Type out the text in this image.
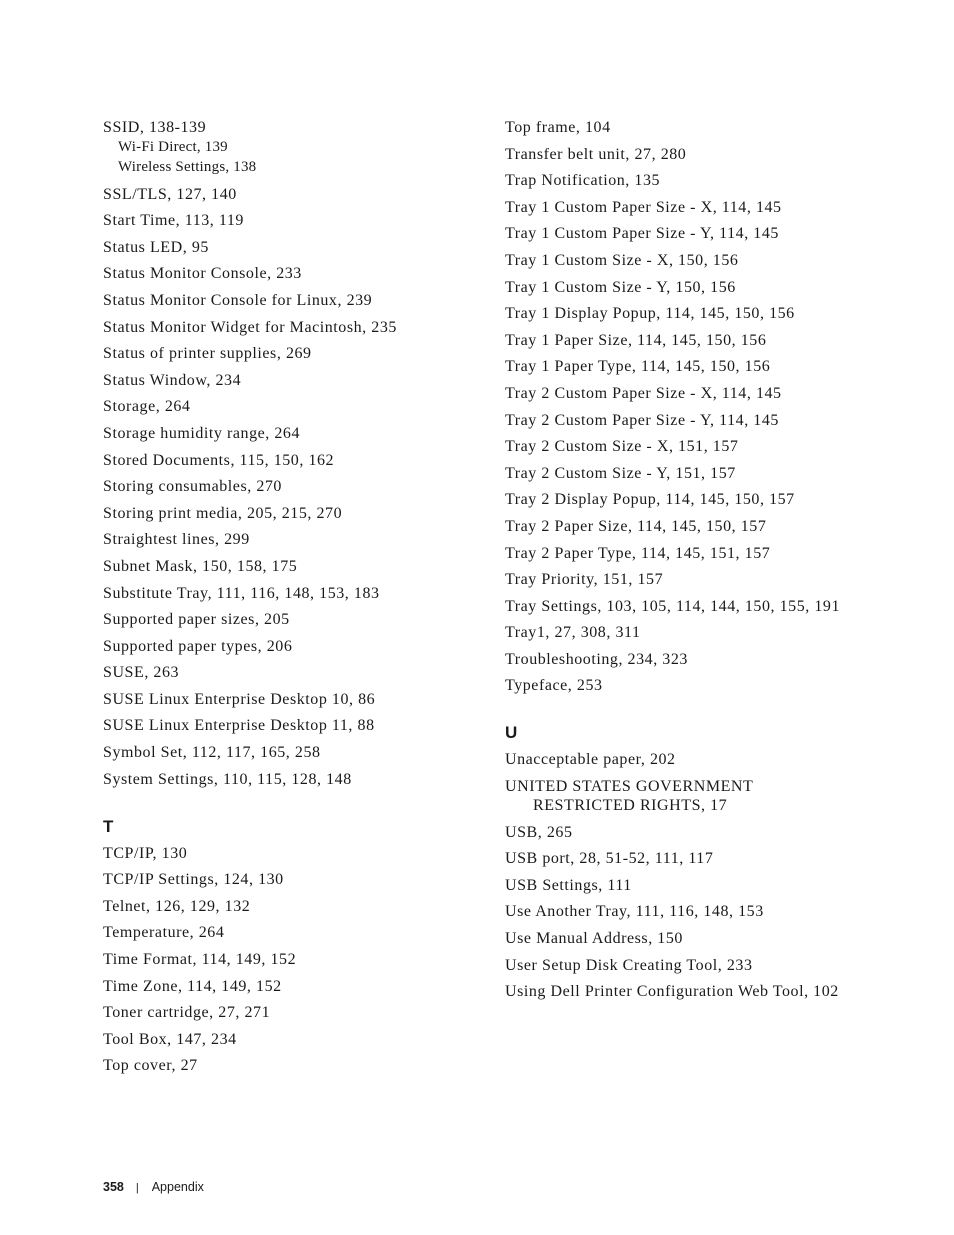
SSID, 138-139
Wi-Fi Direct, 139
Wireless Settings, 138
SSL/TLS, 127, 140
Start Time, 113, 119
Status LED, 95
Status Monitor Console, 233
Status Monitor Console for Linux, 239
Status Monitor Widget for Macintosh, 235
Status of printer supplies, 269
Status Window, 234
Storage, 264
Storage humidity range, 264
Stored Documents, 115, 150, 162
Storing consumables, 270
Storing print media, 205, 215, 270
Straightest lines, 299
Subnet Mask, 150, 158, 175
Substitute Tray, 111, 116, 148, 153, 183
Supported paper sizes, 205
Supported paper types, 206
SUSE, 263
SUSE Linux Enterprise Desktop 10, 86
SUSE Linux Enterprise Desktop 11, 88
Symbol Set, 112, 117, 165, 258
System Settings, 110, 115, 128, 148
T
TCP/IP, 130
TCP/IP Settings, 124, 130
Telnet, 126, 129, 132
Temperature, 264
Time Format, 114, 149, 152
Time Zone, 114, 149, 152
Toner cartridge, 27, 271
Tool Box, 147, 234
Top cover, 27
Top frame, 104
Transfer belt unit, 27, 280
Trap Notification, 135
Tray 1 Custom Paper Size - X, 114, 145
Tray 1 Custom Paper Size - Y, 114, 145
Tray 1 Custom Size - X, 150, 156
Tray 1 Custom Size - Y, 150, 156
Tray 1 Display Popup, 114, 145, 150, 156
Tray 1 Paper Size, 114, 145, 150, 156
Tray 1 Paper Type, 114, 145, 150, 156
Tray 2 Custom Paper Size - X, 114, 145
Tray 2 Custom Paper Size - Y, 114, 145
Tray 2 Custom Size - X, 151, 157
Tray 2 Custom Size - Y, 151, 157
Tray 2 Display Popup, 114, 145, 150, 157
Tray 2 Paper Size, 114, 145, 150, 157
Tray 2 Paper Type, 114, 145, 151, 157
Tray Priority, 151, 157
Tray Settings, 103, 105, 114, 144, 150, 155, 191
Tray1, 27, 308, 311
Troubleshooting, 234, 323
Typeface, 253
U
Unacceptable paper, 202
UNITED STATES GOVERNMENT
RESTRICTED RIGHTS, 17
USB, 265
USB port, 28, 51-52, 111, 117
USB Settings, 111
Use Another Tray, 111, 116, 148, 153
Use Manual Address, 150
User Setup Disk Creating Tool, 233
Using Dell Printer Configuration Web Tool, 102
358 | Appendix
